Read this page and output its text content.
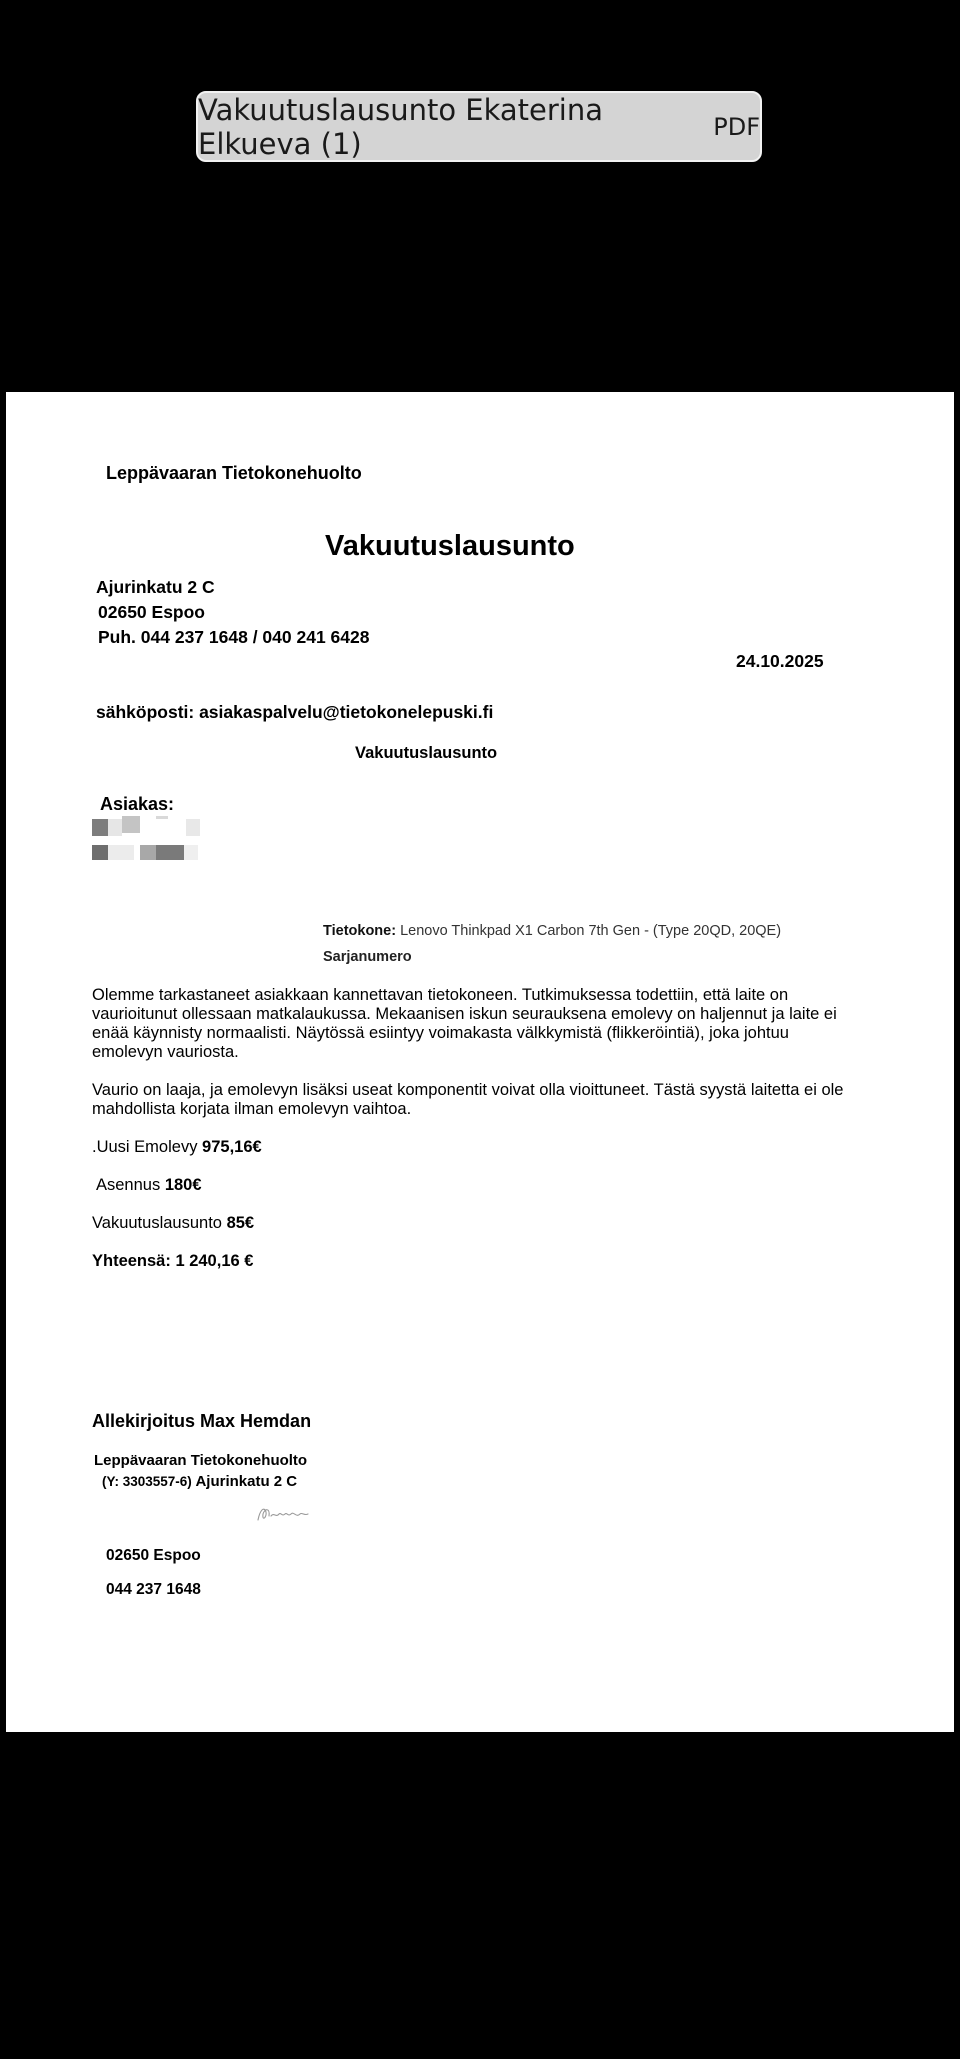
Vakuutuslausunto Ekaterina Elkueva (1)	PDF
Leppävaaran Tietokonehuolto
Vakuutuslausunto
Ajurinkatu 2 C
02650 Espoo
Puh. 044 237 1648 / 040 241 6428
24.10.2025
sähköposti: asiakaspalvelu@tietokonelepuski.fi
Vakuutuslausunto
Asiakas:
Tietokone: Lenovo Thinkpad X1 Carbon 7th Gen - (Type 20QD, 20QE)
Sarjanumero
Olemme tarkastaneet asiakkaan kannettavan tietokoneen. Tutkimuksessa todettiin, että laite on
vaurioitunut ollessaan matkalaukussa. Mekaanisen iskun seurauksena emolevy on haljennut ja laite ei
enää käynnisty normaalisti. Näytössä esiintyy voimakasta välkkymistä (flikkeröintiä), joka johtuu
emolevyn vauriosta.
Vaurio on laaja, ja emolevyn lisäksi useat komponentit voivat olla vioittuneet. Tästä syystä laitetta ei ole
mahdollista korjata ilman emolevyn vaihtoa.
.Uusi Emolevy 975,16€
Asennus 180€
Vakuutuslausunto 85€
Yhteensä: 1 240,16 €
Allekirjoitus Max Hemdan
Leppävaaran Tietokonehuolto
(Y: 3303557-6) Ajurinkatu 2 C
02650 Espoo
044 237 1648
